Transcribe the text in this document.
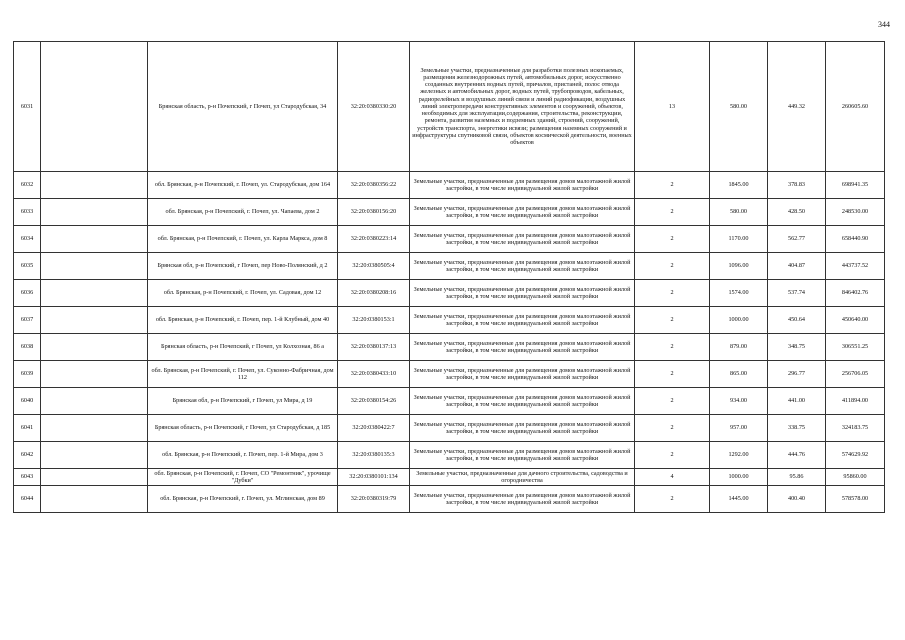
344
6031		Брянская область, р-н Почепский, г Почеп, ул Стародубская, 34	32:20:0380330:20	Земельные участки, предназначенные для разработки полезных ископаемых, размещения железнодорожных путей, автомобильных дорог, искусственно созданных внутренних водных путей, причалов, пристаней, полос отвода железных и автомобильных дорог, водных путей, трубопроводов, кабельных, радиорелейных и воздушных линий связи и линий радиофикации, воздушных линий электропередачи конструктивных элементов и сооружений, объектов, необходимых для эксплуатации,содержания, строительства, реконструкции, ремонта, развития наземных и подземных зданий, строений, сооружений, устройств транспорта, энергетики исвязи; размещения наземных сооружений и инфраструктуры спутниковой связи, объектов космической деятельности, военных объектов	13	580.00	449.32	260605.60
6032		обл. Брянская, р-н Почепский, г. Почеп, ул. Стародубская, дом 164	32:20:0380356:22	Земельные участки, предназначенные для размещения домов малоэтажной жилой застройки, в том числе индивидуальной жилой застройки	2	1845.00	378.83	698941.35
6033		обл. Брянская, р-н Почепский, г. Почеп, ул. Чапаева, дом 2	32:20:0380156:20	Земельные участки, предназначенные для размещения домов малоэтажной жилой застройки, в том числе индивидуальной жилой застройки	2	580.00	428.50	248530.00
6034		обл. Брянская, р-н Почепский, г. Почеп, ул. Карла Маркса, дом 8	32:20:0380223:14	Земельные участки, предназначенные для размещения домов малоэтажной жилой застройки, в том числе индивидуальной жилой застройки	2	1170.00	562.77	658440.90
6035		Брянская обл, р-н Почепский, г Почеп, пер Ново-Полянский, д 2	32:20:0380505:4	Земельные участки, предназначенные для размещения домов малоэтажной жилой застройки, в том числе индивидуальной жилой застройки	2	1096.00	404.87	443737.52
6036		обл. Брянская, р-н Почепский, г. Почеп, ул. Садовая, дом 12	32:20:0380208:16	Земельные участки, предназначенные для размещения домов малоэтажной жилой застройки, в том числе индивидуальной жилой застройки	2	1574.00	537.74	846402.76
6037		обл. Брянская, р-н Почепский, г. Почеп, пер. 1-й Клубный, дом 40	32:20:0380153:1	Земельные участки, предназначенные для размещения домов малоэтажной жилой застройки, в том числе индивидуальной жилой застройки	2	1000.00	450.64	450640.00
6038		Брянская область, р-н Почепский, г Почеп, ул Колхозная, 86 а	32:20:0380137:13	Земельные участки, предназначенные для размещения домов малоэтажной жилой застройки, в том числе индивидуальной жилой застройки	2	879.00	348.75	306551.25
6039		обл. Брянская, р-н Почепский, г. Почеп, ул. Суконно-Фабричная, дом 112	32:20:0380433:10	Земельные участки, предназначенные для размещения домов малоэтажной жилой застройки, в том числе индивидуальной жилой застройки	2	865.00	296.77	256706.05
6040		Брянская обл, р-н Почепский, г Почеп, ул Мира, д 19	32:20:0380154:26	Земельные участки, предназначенные для размещения домов малоэтажной жилой застройки, в том числе индивидуальной жилой застройки	2	934.00	441.00	411894.00
6041		Брянская область, р-н Почепский, г Почеп, ул Стародубская, д 185	32:20:0380422:7	Земельные участки, предназначенные для размещения домов малоэтажной жилой застройки, в том числе индивидуальной жилой застройки	2	957.00	338.75	324183.75
6042		обл. Брянская, р-н Почепский, г. Почеп, пер. 1-й Мира, дом 3	32:20:0380135:3	Земельные участки, предназначенные для размещения домов малоэтажной жилой застройки, в том числе индивидуальной жилой застройки	2	1292.00	444.76	574629.92
6043		обл. Брянская, р-н Почепский, г. Почеп, СО "Ремонтник", урочище "Дубки"	32:20:0380101:134	Земельные участки, предназначенные для дачного строительства, садоводства и огородничества	4	1000.00	95.86	95860.00
6044		обл. Брянская, р-н Почепский, г. Почеп, ул. Мглинская, дом 89	32:20:0380319:79	Земельные участки, предназначенные для размещения домов малоэтажной жилой застройки, в том числе индивидуальной жилой застройки	2	1445.00	400.40	578578.00
